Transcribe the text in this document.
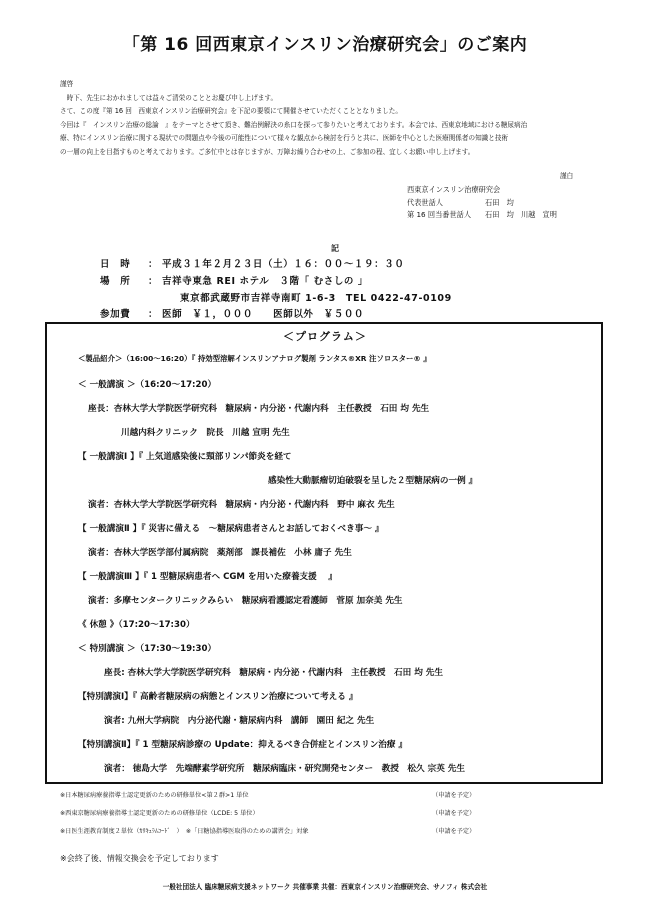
「第 16 回西東京インスリン治療研究会」のご案内

謹啓

　時下、先生におかれましては益々ご清栄のこととお慶び申し上げます。

さて、この度『第 16 回　西東京インスリン治療研究会』を下記の要領にて開催させていただくこととなりました。

今回は『　インスリン治療の総論　』をテーマとさせて頂き、難治例解決の糸口を探って参りたいと考えております。本会では、西東京地域における糖尿病治

療、特にインスリン治療に関する現状での問題点や今後の可能性について様々な観点から検討を行うと共に、医師を中心とした医療関係者の知識と技術

の一層の向上を目指すものと考えております。ご多忙中とは存じますが、万障お繰り合わせの上、ご参加の程、宜しくお願い申し上げます。

謹白
西東京インスリン治療研究会
代表世話人	石田　均
第 16 回当番世話人 石田　均　川越　宣明
記
日　時 ： 平成３１年２月２３日（土）１６：００～１９：３０
場　所 ： 吉祥寺東急 REI ホテル　３階「 むさしの 」
東京都武蔵野市吉祥寺南町 1-6-3　TEL 0422-47-0109
参加費 ： 医師　￥１，０００　　医師以外　￥５００
＜プログラム＞
＜製品紹介＞（16:00～16:20）『 持効型溶解インスリンアナログ製剤 ランタス®XR 注ソロスター® 』
＜ 一般講演 ＞（16:20～17:20）
座長：杏林大学大学院医学研究科　糖尿病・内分泌・代謝内科　主任教授　石田 均 先生
川越内科クリニック　院長　川越 宣明 先生
【 一般講演Ⅰ 】『 上気道感染後に頸部リンパ節炎を経て
感染性大動脈瘤切迫破裂を呈した２型糖尿病の一例 』
演者：杏林大学大学院医学研究科　糖尿病・内分泌・代謝内科　野中 麻衣 先生
【 一般講演Ⅱ 】『 災害に備える　～糖尿病患者さんとお話しておくべき事～ 』
演者：杏林大学医学部付属病院　薬剤部　課長補佐　小林 庸子 先生
【 一般講演Ⅲ 】『 1 型糖尿病患者へ CGM を用いた療養支援　 』
演者：多摩センタークリニックみらい　糖尿病看護認定看護師　菅原 加奈美 先生
《 休憩 》（17:20～17:30）
＜ 特別講演 ＞（17:30～19:30）
座長: 杏林大学大学院医学研究科　糖尿病・内分泌・代謝内科　主任教授　石田 均 先生
【特別講演Ⅰ】『 高齢者糖尿病の病態とインスリン治療について考える 』
演者: 九州大学病院　内分泌代謝・糖尿病内科　講師　園田 紀之 先生
【特別講演Ⅱ】『 1 型糖尿病診療の Update：抑えるべき合併症とインスリン治療 』
演者： 徳島大学　先端酵素学研究所　糖尿病臨床・研究開発センター　教授　松久 宗英 先生
※日本糖尿病療養指導士認定更新のための研修単位<第２群>1 単位	（申請を予定）
※西東京糖尿病療養指導士認定更新のための研修単位（LCDE: 5 単位）	（申請を予定）
※日医生涯教育制度２単位（ｶﾘｷｭﾗﾑｺｰﾄﾞ　）　※「日糖協指導医取得のための講習会」対象	（申請を予定）
※会終了後、情報交換会を予定しております
一般社団法人 臨床糖尿病支援ネットワーク 共催事業 共催：西東京インスリン治療研究会、サノフィ 株式会社
